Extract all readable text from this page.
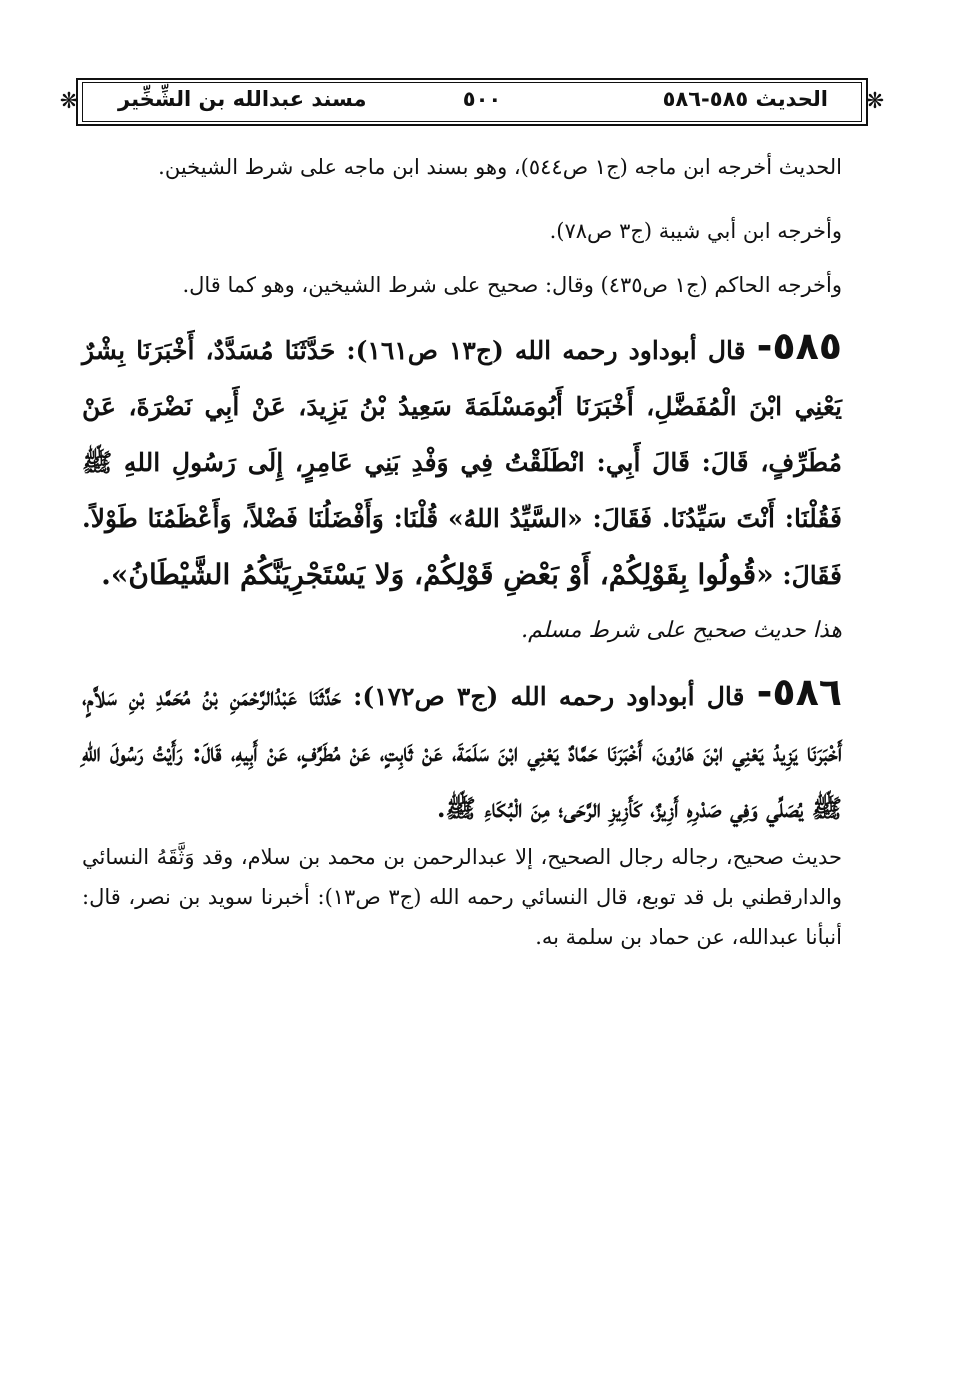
❋	❋
الحديث ٥٨٥-٥٨٦
٥٠٠
مسند عبدالله بن الشِّخِّير

الحديث أخرجه ابن ماجه (ج١ ص٥٤٤)، وهو بسند ابن ماجه على شرط الشيخين.

وأخرجه ابن أبي شيبة (ج٣ ص٧٨).

وأخرجه الحاكم (ج١ ص٤٣٥) وقال: صحيح على شرط الشيخين، وهو كما قال.

٥٨٥- قال أبوداود رحمه الله (ج١٣ ص١٦١): حَدَّثَنَا مُسَدَّدٌ، أَخْبَرَنَا بِشْرٌ يَعْنِي ابْنَ الْمُفَضَّلِ، أَخْبَرَنَا أَبُومَسْلَمَةَ سَعِيدُ بْنُ يَزِيدَ، عَنْ أَبِي نَضْرَةَ، عَنْ مُطَرِّفٍ، قَالَ: قَالَ أَبِي: انْطَلَقْتُ فِي وَفْدِ بَنِي عَامِرٍ، إِلَى رَسُولِ اللهِ ﷺ فَقُلْنَا: أَنْتَ سَيِّدُنَا. فَقَالَ: «السَّيِّدُ اللهُ» قُلْنَا: وَأَفْضَلُنَا فَضْلاً، وَأَعْظَمُنَا طَوْلاً. فَقَالَ: «قُولُوا بِقَوْلِكُمْ، أَوْ بَعْضِ قَوْلِكُمْ، وَلا يَسْتَجْرِيَنَّكُمُ الشَّيْطَانُ».

هذا حديث صحيح على شرط مسلم.

٥٨٦- قال أبوداود رحمه الله (ج٣ ص١٧٢): حَدَّثَنَا عَبْدُالرَّحْمَنِ بْنُ مُحَمَّدِ بْنِ سَلاَّمٍ، أَخْبَرَنَا يَزِيدُ يَعْنِي ابْنَ هَارُونَ، أَخْبَرَنَا حَمَّادٌ يَعْنِي ابْنَ سَلَمَةَ، عَنْ ثَابِتٍ، عَنْ مُطَرِّفٍ، عَنْ أَبِيهِ، قَالَ: رَأَيْتُ رَسُولَ اللهِ ﷺ يُصَلِّي وَفِي صَدْرِهِ أَزِيزٌ، كَأَزِيزِ الرَّحَى؛ مِنَ الْبُكَاءِ ﷺ.

حديث صحيح، رجاله رجال الصحيح، إلا عبدالرحمن بن محمد بن سلام، وقد وَثَّقَهُ النسائي والدارقطني بل قد توبع، قال النسائي رحمه الله (ج٣ ص١٣): أخبرنا سويد بن نصر، قال: أنبأنا عبدالله، عن حماد بن سلمة به.
